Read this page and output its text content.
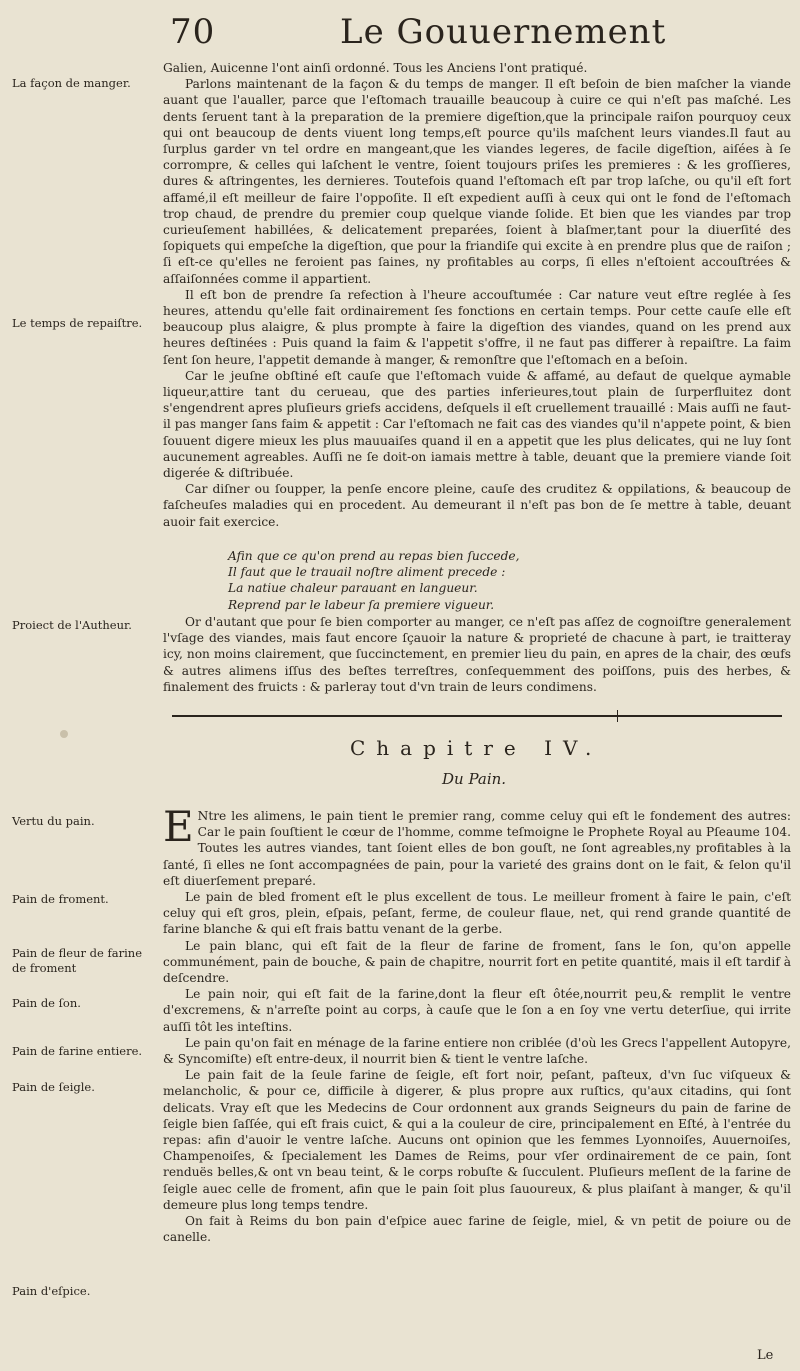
70	Le Gouuernement
La façon de manger.
Le temps de repaiſtre.
Proiect de l'Autheur.
Vertu du pain.
Pain de froment.
Pain de fleur de farine de froment
Pain de ſon.
Pain de farine entiere.
Pain de ſeigle.
Pain d'eſpice.

Galien, Auicenne l'ont ainſi ordonné. Tous les Anciens l'ont pratiqué.

Parlons maintenant de la façon & du temps de manger. Il eſt beſoin de bien maſcher la viande auant que l'aualler, parce que l'eſtomach trauaille beaucoup à cuire ce qui n'eſt pas maſché. Les dents ſeruent tant à la preparation de la premiere digeſtion,que la principale raiſon pourquoy ceux qui ont beaucoup de dents viuent long temps,eſt pource qu'ils maſchent leurs viandes.Il faut au ſurplus garder vn tel ordre en mangeant,que les viandes legeres, de facile digeſtion, aiſées à ſe corrompre, & celles qui laſchent le ventre, ſoient toujours priſes les premieres : & les groſſieres, dures & aſtringentes, les dernieres. Toutefois quand l'eſtomach eſt par trop laſche, ou qu'il eſt fort affamé,il eſt meilleur de faire l'oppoſite. Il eſt expedient auſſi à ceux qui ont le fond de l'eſtomach trop chaud, de prendre du premier coup quelque viande ſolide. Et bien que les viandes par trop curieuſement habillées, & delicatement preparées, ſoient à blaſmer,tant pour la diuerſité des ſopiquets qui empeſche la digeſtion, que pour la friandiſe qui excite à en prendre plus que de raiſon ; ſi eſt-ce qu'elles ne feroient pas ſaines, ny profitables au corps, ſi elles n'eſtoient accouſtrées & aſſaiſonnées comme il appartient.

Il eſt bon de prendre ſa refection à l'heure accouſtumée : Car nature veut eſtre reglée à ſes heures, attendu qu'elle fait ordinairement ſes fonctions en certain temps. Pour cette cauſe elle eſt beaucoup plus alaigre, & plus prompte à faire la digeſtion des viandes, quand on les prend aux heures deſtinées : Puis quand la faim & l'appetit s'offre, il ne faut pas differer à repaiſtre. La faim ſent ſon heure, l'appetit demande à manger, & remonſtre que l'eſtomach en a beſoin.

Car le jeuſne obſtiné eſt cauſe que l'eſtomach vuide & affamé, au defaut de quelque aymable liqueur,attire tant du cerueau, que des parties inferieures,tout plain de ſurperfluitez dont s'engendrent apres pluſieurs griefs accidens, deſquels il eſt cruellement trauaillé : Mais auſſi ne faut-il pas manger ſans faim & appetit : Car l'eſtomach ne fait cas des viandes qu'il n'appete point, & bien ſouuent digere mieux les plus mauuaiſes quand il en a appetit que les plus delicates, qui ne luy ſont aucunement agreables. Auſſi ne ſe doit-on iamais mettre à table, deuant que la premiere viande ſoit digerée & diſtribuée.

Car diſner ou ſoupper, la penſe encore pleine, cauſe des cruditez & oppilations, & beaucoup de faſcheuſes maladies qui en procedent. Au demeurant il n'eſt pas bon de ſe mettre à table, deuant auoir fait exercice.

Afin que ce qu'on prend au repas bien ſuccede,
Il faut que le trauail noſtre aliment precede :
La natiue chaleur parauant en langueur.
Reprend par le labeur ſa premiere vigueur.

Or d'autant que pour ſe bien comporter au manger, ce n'eſt pas aſſez de cognoiſtre generalement l'vſage des viandes, mais faut encore ſçauoir la nature & proprieté de chacune à part, ie traitteray icy, non moins clairement, que ſuccinctement, en premier lieu du pain, en apres de la chair, des œufs & autres alimens iſſus des beſtes terreſtres, conſequemment des poiſſons, puis des herbes, & finalement des fruicts : & parleray tout d'vn train de leurs condimens.

Chapitre IV.
Du Pain.

E Ntre les alimens, le pain tient le premier rang, comme celuy qui eſt le fondement des autres: Car le pain ſouſtient le cœur de l'homme, comme teſmoigne le Prophete Royal au Pſeaume 104. Toutes les autres viandes, tant ſoient elles de bon gouſt, ne ſont agreables,ny profitables à la ſanté, ſi elles ne ſont accompagnées de pain, pour la varieté des grains dont on le fait, & ſelon qu'il eſt diuerſement preparé.

Le pain de bled froment eſt le plus excellent de tous. Le meilleur froment à faire le pain, c'eſt celuy qui eſt gros, plein, eſpais, peſant, ferme, de couleur flaue, net, qui rend grande quantité de farine blanche & qui eſt frais battu venant de la gerbe.

Le pain blanc, qui eſt fait de la fleur de farine de froment, ſans le ſon, qu'on appelle communément, pain de bouche, & pain de chapitre, nourrit fort en petite quantité, mais il eſt tardif à deſcendre.

Le pain noir, qui eſt fait de la farine,dont la fleur eſt ôtée,nourrit peu,& remplit le ventre d'excremens, & n'arreſte point au corps, à cauſe que le ſon a en ſoy vne vertu deterſiue, qui irrite auſſi tôt les inteſtins.

Le pain qu'on fait en ménage de la farine entiere non criblée (d'où les Grecs l'appellent Autopyre, & Syncomiſte) eſt entre-deux, il nourrit bien & tient le ventre laſche.

Le pain fait de la ſeule farine de ſeigle, eſt fort noir, peſant, paſteux, d'vn ſuc viſqueux & melancholic, & pour ce, difficile à digerer, & plus propre aux ruſtics, qu'aux citadins, qui ſont delicats. Vray eſt que les Medecins de Cour ordonnent aux grands Seigneurs du pain de farine de ſeigle bien ſaſſée, qui eſt frais cuict, & qui a la couleur de cire, principalement en Eſté, à l'entrée du repas: afin d'auoir le ventre laſche. Aucuns ont opinion que les femmes Lyonnoiſes, Auuernoiſes, Champenoiſes, & ſpecialement les Dames de Reims, pour vſer ordinairement de ce pain, ſont renduës belles,& ont vn beau teint, & le corps robuſte & ſucculent. Pluſieurs meſlent de la farine de ſeigle auec celle de froment, afin que le pain ſoit plus ſauoureux, & plus plaiſant à manger, & qu'il demeure plus long temps tendre.

On fait à Reims du bon pain d'eſpice auec farine de ſeigle, miel, & vn petit de poiure ou de canelle.

Le
